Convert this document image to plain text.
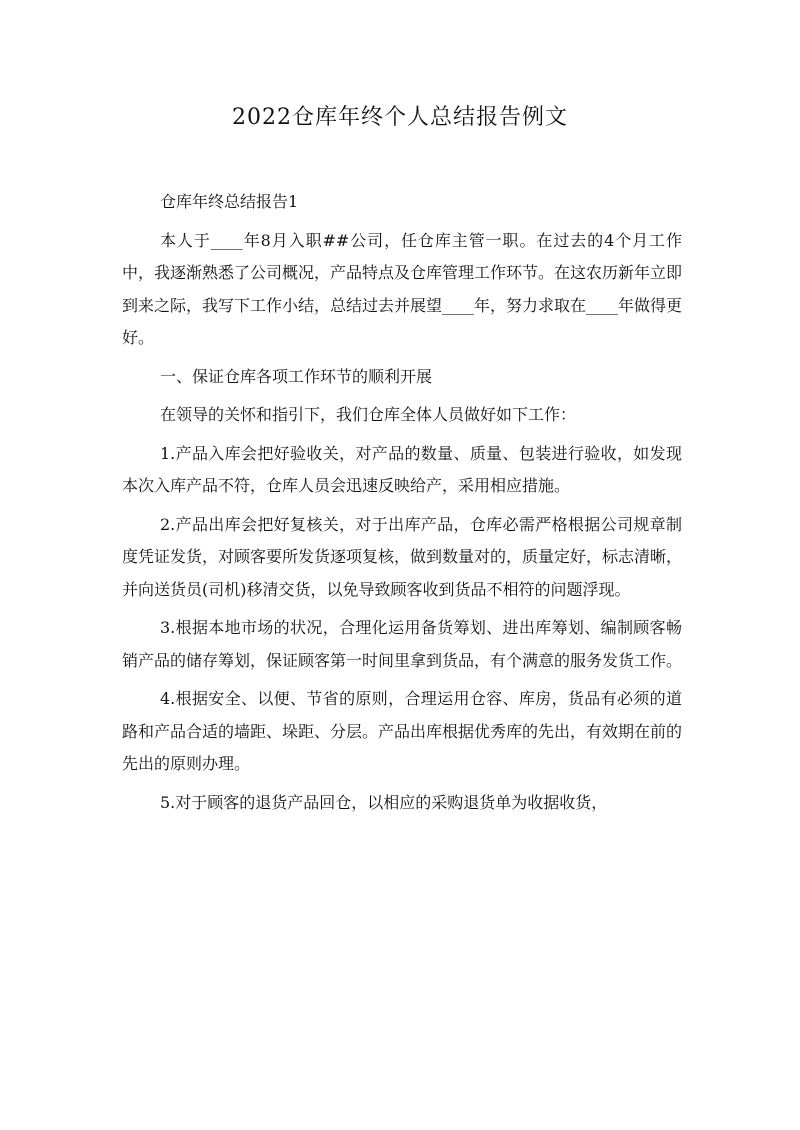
2022仓库年终个人总结报告例文

仓库年终总结报告1

本人于____年8月入职##公司，任仓库主管一职。在过去的4个月工作中，我逐渐熟悉了公司概况，产品特点及仓库管理工作环节。在这农历新年立即到来之际，我写下工作小结，总结过去并展望____年，努力求取在____年做得更好。

一、保证仓库各项工作环节的顺利开展

在领导的关怀和指引下，我们仓库全体人员做好如下工作：

1.产品入库会把好验收关，对产品的数量、质量、包装进行验收，如发现本次入库产品不符，仓库人员会迅速反映给产，采用相应措施。

2.产品出库会把好复核关，对于出库产品，仓库必需严格根据公司规章制度凭证发货，对顾客要所发货逐项复核，做到数量对的，质量定好，标志清晰，并向送货员(司机)移清交货，以免导致顾客收到货品不相符的问题浮现。

3.根据本地市场的状况，合理化运用备货筹划、进出库筹划、编制顾客畅销产品的储存筹划，保证顾客第一时间里拿到货品，有个满意的服务发货工作。

4.根据安全、以便、节省的原则，合理运用仓容、库房，货品有必须的道路和产品合适的墙距、垛距、分层。产品出库根据优秀库的先出，有效期在前的先出的原则办理。

5.对于顾客的退货产品回仓，以相应的采购退货单为收据收货，
